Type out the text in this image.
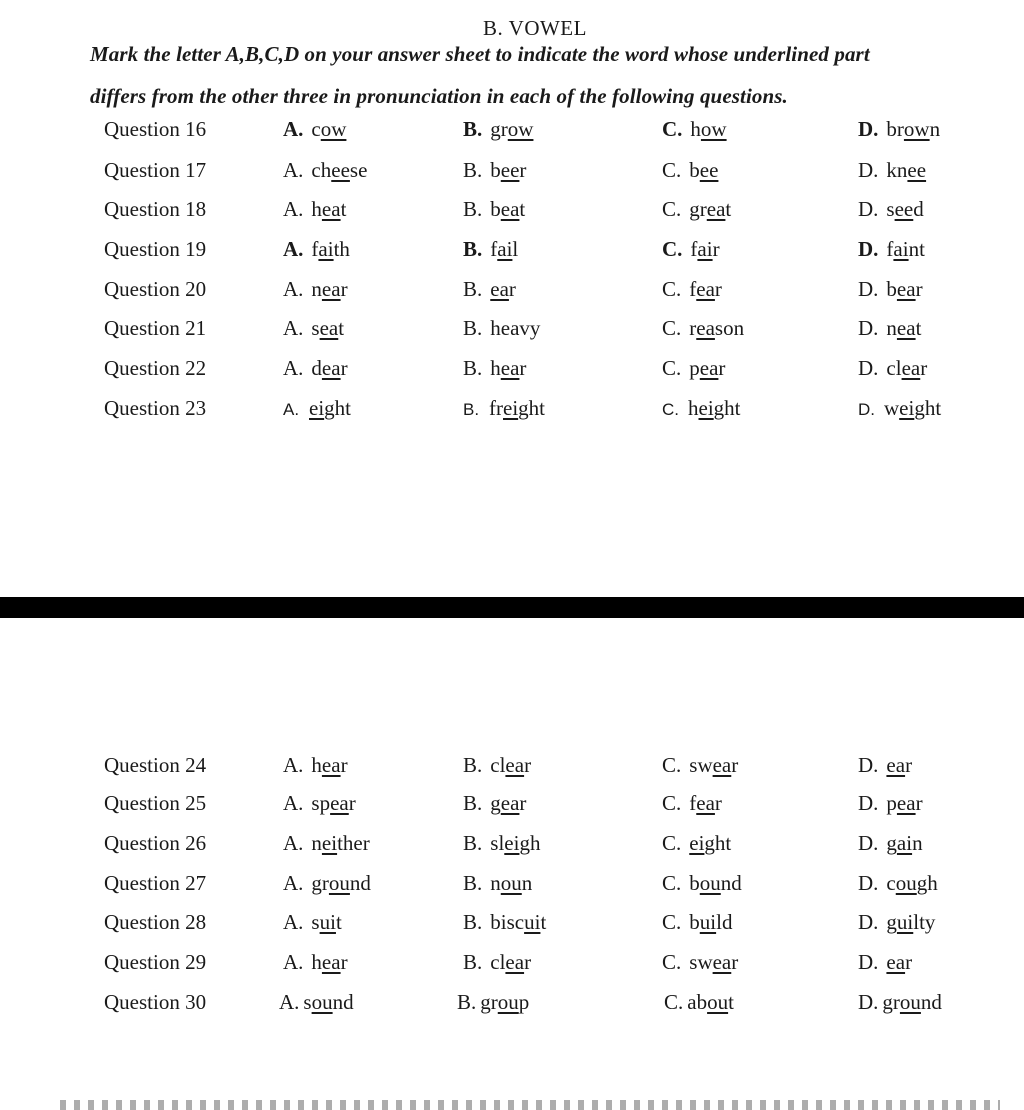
B. VOWEL
Mark the letter A,B,C,D on your answer sheet to indicate the word whose underlined part
differs from the other three in pronunciation in each of the following questions.
Question 16	A. cow	B. grow	C. how	D. brown
Question 17	A. cheese	B. beer	C. bee	D. knee
Question 18	A. heat	B. beat	C. great	D. seed
Question 19	A. faith	B. fail	C. fair	D. faint
Question 20	A. near	B. ear	C. fear	D. bear
Question 21	A. seat	B. heavy	C. reason	D. neat
Question 22	A. dear	B. hear	C. pear	D. clear
Question 23	A. eight	B. freight	C. height	D. weight
Question 24	A. hear	B. clear	C. swear	D. ear
Question 25	A. spear	B. gear	C. fear	D. pear
Question 26	A. neither	B. sleigh	C. eight	D. gain
Question 27	A. ground	B. noun	C. bound	D. cough
Question 28	A. suit	B. biscuit	C. build	D. guilty
Question 29	A. hear	B. clear	C. swear	D. ear
Question 30	A. sound	B. group	C. about	D. ground
